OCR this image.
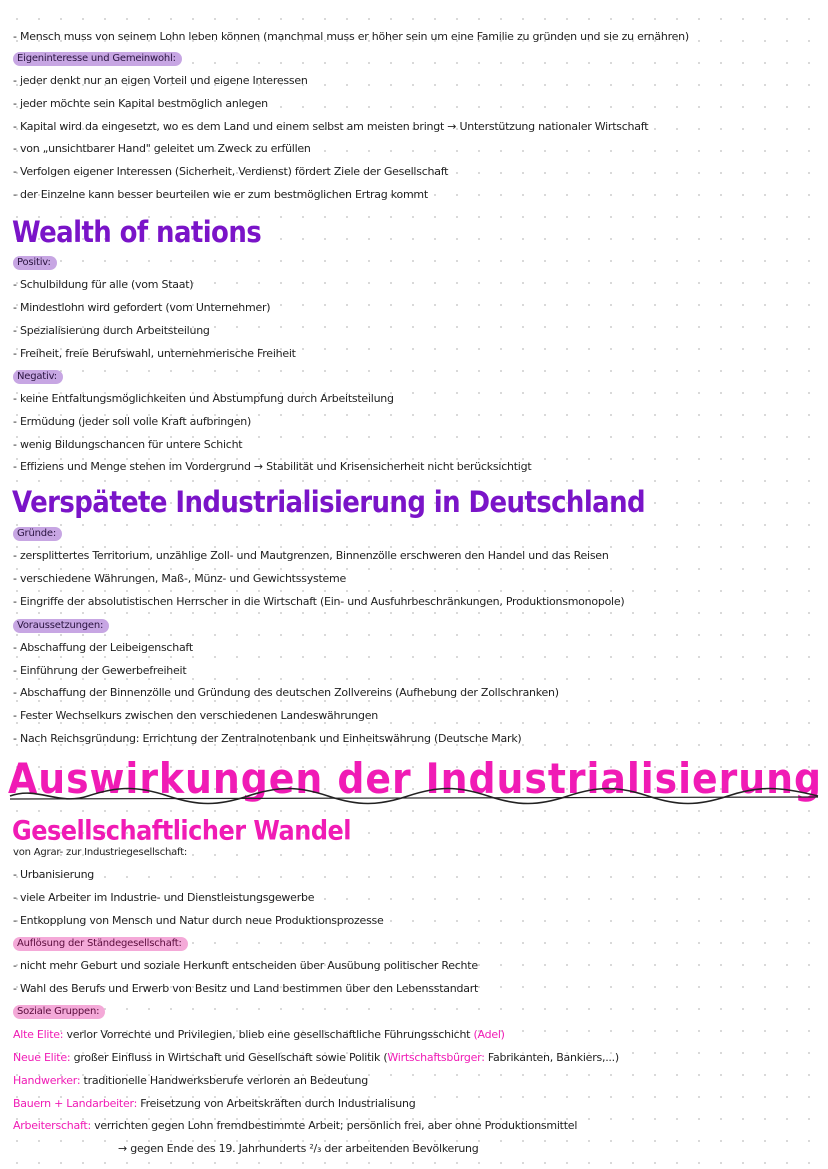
- Mensch muss von seinem Lohn leben können (manchmal muss er höher sein um eine Familie zu gründen und sie zu ernähren)
Eigeninteresse und Gemeinwohl:
- jeder denkt nur an eigen Vorteil und eigene Interessen
- jeder möchte sein Kapital bestmöglich anlegen
- Kapital wird da eingesetzt, wo es dem Land und einem selbst am meisten bringt → Unterstützung nationaler Wirtschaft
- von „unsichtbarer Hand" geleitet um Zweck zu erfüllen
- Verfolgen eigener Interessen (Sicherheit, Verdienst) fördert Ziele der Gesellschaft
- der Einzelne kann besser beurteilen wie er zum bestmöglichen Ertrag kommt
Wealth of nations
Positiv:
- Schulbildung für alle (vom Staat)
- Mindestlohn wird gefordert (vom Unternehmer)
- Spezialisierung durch Arbeitsteilung
- Freiheit, freie Berufswahl, unternehmerische Freiheit
Negativ:
- keine Entfaltungsmöglichkeiten und Abstumpfung durch Arbeitsteilung
- Ermüdung (jeder soll volle Kraft aufbringen)
- wenig Bildungschancen für untere Schicht
- Effiziens und Menge stehen im Vordergrund → Stabilität und Krisensicherheit nicht berücksichtigt
Verspätete Industrialisierung in Deutschland
Gründe:
- zersplittertes Territorium, unzählige Zoll- und Mautgrenzen, Binnenzölle erschweren den Handel und das Reisen
- verschiedene Währungen, Maß-, Münz- und Gewichtssysteme
- Eingriffe der absolutistischen Herrscher in die Wirtschaft (Ein- und Ausfuhrbeschränkungen, Produktionsmonopole)
Voraussetzungen:
- Abschaffung der Leibeigenschaft
- Einführung der Gewerbefreiheit
- Abschaffung der Binnenzölle und Gründung des deutschen Zollvereins (Aufhebung der Zollschranken)
- Fester Wechselkurs zwischen den verschiedenen Landeswährungen
- Nach Reichsgründung: Errichtung der Zentralnotenbank und Einheitswährung (Deutsche Mark)
Auswirkungen der Industrialisierung
Gesellschaftlicher Wandel
von Agrar- zur Industriegesellschaft:
- Urbanisierung
- viele Arbeiter im Industrie- und Dienstleistungsgewerbe
- Entkopplung von Mensch und Natur durch neue Produktionsprozesse
Auflösung der Ständegesellschaft:
- nicht mehr Geburt und soziale Herkunft entscheiden über Ausübung politischer Rechte
- Wahl des Berufs und Erwerb von Besitz und Land bestimmen über den Lebensstandart
Soziale Gruppen:
Alte Elite: verlor Vorrechte und Privilegien, blieb eine gesellschaftliche Führungsschicht (Adel)
Neue Elite: großer Einfluss in Wirtschaft und Gesellschaft sowie Politik (Wirtschaftsbürger: Fabrikanten, Bankiers,...)
Handwerker: traditionelle Handwerksberufe verloren an Bedeutung
Bauern + Landarbeiter: Freisetzung von Arbeitskräften durch Industrialisung
Arbeiterschaft: verrichten gegen Lohn fremdbestimmte Arbeit; persönlich frei, aber ohne Produktionsmittel
→ gegen Ende des 19. Jahrhunderts ²/₃ der arbeitenden Bevölkerung
